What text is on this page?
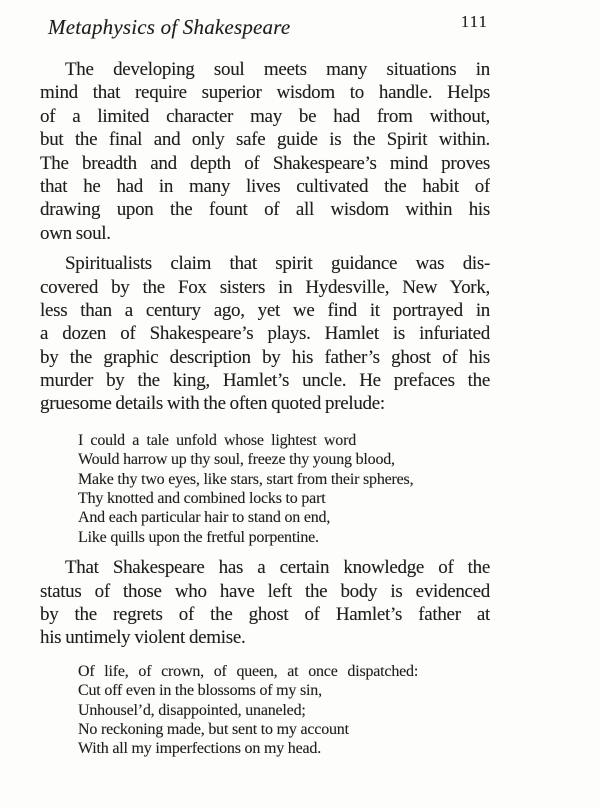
Metaphysics of Shakespeare	111
The developing soul meets many situations in
mind that require superior wisdom to handle. Helps
of a limited character may be had from without,
but the final and only safe guide is the Spirit within.
The breadth and depth of Shakespeare’s mind proves
that he had in many lives cultivated the habit of
drawing upon the fount of all wisdom within his
own soul.
Spiritualists claim that spirit guidance was dis-
covered by the Fox sisters in Hydesville, New York,
less than a century ago, yet we find it portrayed in
a dozen of Shakespeare’s plays. Hamlet is infuriated
by the graphic description by his father’s ghost of his
murder by the king, Hamlet’s uncle. He prefaces the
gruesome details with the often quoted prelude:
I could a tale unfold whose lightest word
Would harrow up thy soul, freeze thy young blood,
Make thy two eyes, like stars, start from their spheres,
Thy knotted and combined locks to part
And each particular hair to stand on end,
Like quills upon the fretful porpentine.
That Shakespeare has a certain knowledge of the
status of those who have left the body is evidenced
by the regrets of the ghost of Hamlet’s father at
his untimely violent demise.
Of life, of crown, of queen, at once dispatched:
Cut off even in the blossoms of my sin,
Unhousel’d, disappointed, unaneled;
No reckoning made, but sent to my account
With all my imperfections on my head.
